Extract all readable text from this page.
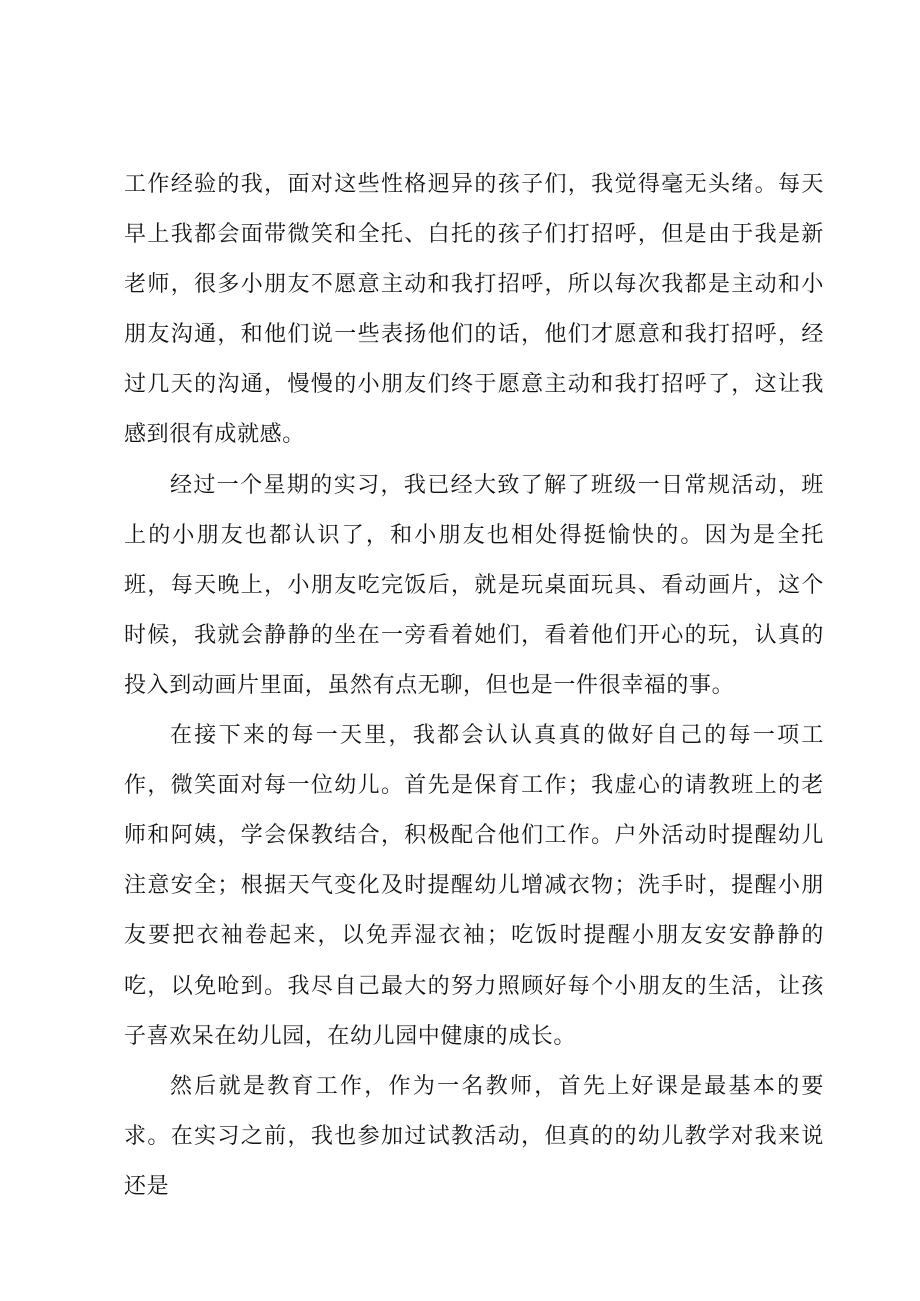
工作经验的我，面对这些性格迥异的孩子们，我觉得毫无头绪。每天早上我都会面带微笑和全托、白托的孩子们打招呼，但是由于我是新老师，很多小朋友不愿意主动和我打招呼，所以每次我都是主动和小朋友沟通，和他们说一些表扬他们的话，他们才愿意和我打招呼，经过几天的沟通，慢慢的小朋友们终于愿意主动和我打招呼了，这让我感到很有成就感。

经过一个星期的实习，我已经大致了解了班级一日常规活动，班上的小朋友也都认识了，和小朋友也相处得挺愉快的。因为是全托班，每天晚上，小朋友吃完饭后，就是玩桌面玩具、看动画片，这个时候，我就会静静的坐在一旁看着她们，看着他们开心的玩，认真的投入到动画片里面，虽然有点无聊，但也是一件很幸福的事。

在接下来的每一天里，我都会认认真真的做好自己的每一项工作，微笑面对每一位幼儿。首先是保育工作；我虚心的请教班上的老师和阿姨，学会保教结合，积极配合他们工作。户外活动时提醒幼儿注意安全；根据天气变化及时提醒幼儿增减衣物；洗手时，提醒小朋友要把衣袖卷起来，以免弄湿衣袖；吃饭时提醒小朋友安安静静的吃，以免呛到。我尽自己最大的努力照顾好每个小朋友的生活，让孩子喜欢呆在幼儿园，在幼儿园中健康的成长。

然后就是教育工作，作为一名教师，首先上好课是最基本的要求。在实习之前，我也参加过试教活动，但真的的幼儿教学对我来说还是
